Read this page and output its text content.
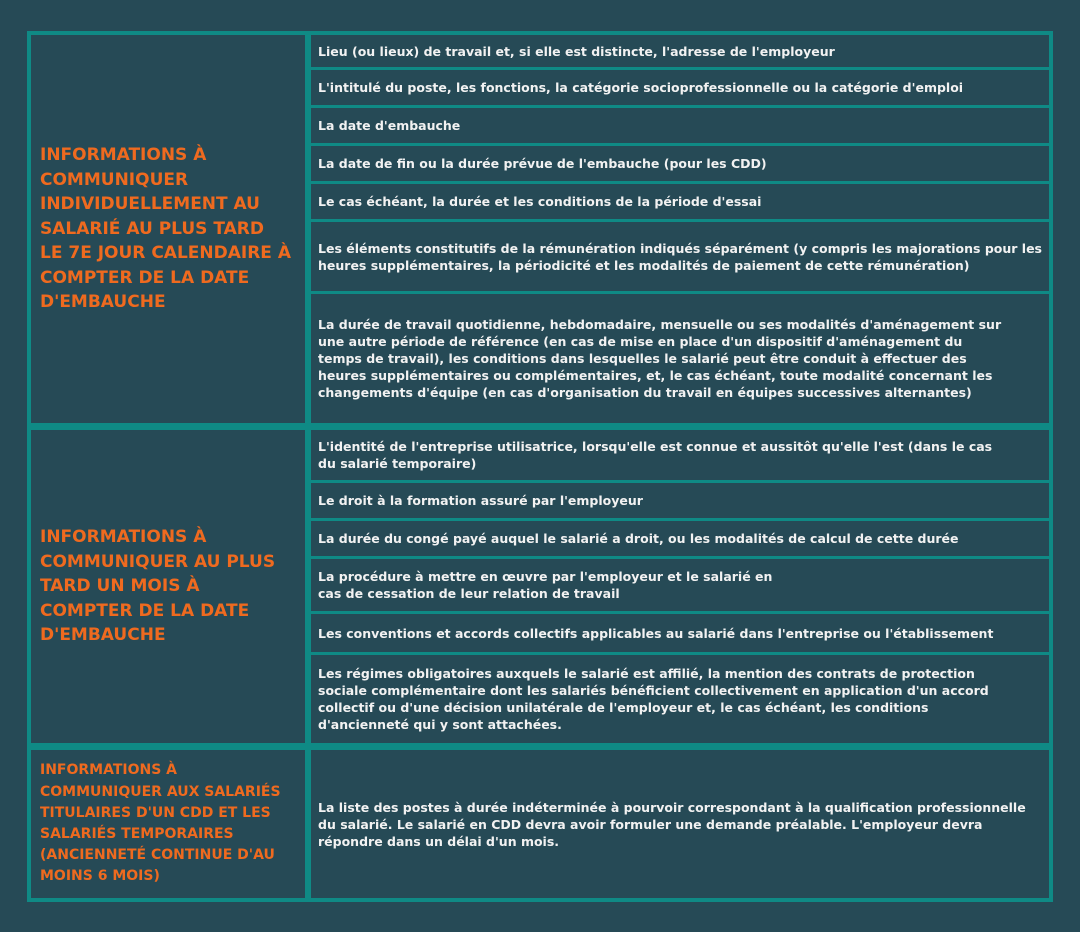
INFORMATIONS À COMMUNIQUER INDIVIDUELLEMENT AU SALARIÉ AU PLUS TARD LE 7E JOUR CALENDAIRE À COMPTER DE LA DATE D'EMBAUCHE
Lieu (ou lieux) de travail et, si elle est distincte, l'adresse de l'employeur
L'intitulé du poste, les fonctions, la catégorie socioprofessionnelle ou la catégorie d'emploi
La date d'embauche
La date de fin ou la durée prévue de l'embauche (pour les CDD)
Le cas échéant, la durée et les conditions de la période d'essai
Les éléments constitutifs de la rémunération indiqués séparément (y compris les majorations pour les heures supplémentaires, la périodicité et les modalités de paiement de cette rémunération)
La durée de travail quotidienne, hebdomadaire, mensuelle ou ses modalités d'aménagement sur une autre période de référence (en cas de mise en place d'un dispositif d'aménagement du temps de travail), les conditions dans lesquelles le salarié peut être conduit à effectuer des heures supplémentaires ou complémentaires, et, le cas échéant, toute modalité concernant les changements d'équipe (en cas d'organisation du travail en équipes successives alternantes)
INFORMATIONS À COMMUNIQUER AU PLUS TARD UN MOIS À COMPTER DE LA DATE D'EMBAUCHE
L'identité de l'entreprise utilisatrice, lorsqu'elle est connue et aussitôt qu'elle l'est (dans le cas du salarié temporaire)
Le droit à la formation assuré par l'employeur
La durée du congé payé auquel le salarié a droit, ou les modalités de calcul de cette durée
La procédure à mettre en œuvre par l'employeur et le salarié en cas de cessation de leur relation de travail
Les conventions et accords collectifs applicables au salarié dans l'entreprise ou l'établissement
Les régimes obligatoires auxquels le salarié est affilié, la mention des contrats de protection sociale complémentaire dont les salariés bénéficient collectivement en application d'un accord collectif ou d'une décision unilatérale de l'employeur et, le cas échéant, les conditions d'ancienneté qui y sont attachées.
INFORMATIONS À COMMUNIQUER AUX SALARIÉS TITULAIRES D'UN CDD ET LES SALARIÉS TEMPORAIRES (ANCIENNETÉ CONTINUE D'AU MOINS 6 MOIS)
La liste des postes à durée indéterminée à pourvoir correspondant à la qualification professionnelle du salarié. Le salarié en CDD devra avoir formuler une demande préalable. L'employeur devra répondre dans un délai d'un mois.
